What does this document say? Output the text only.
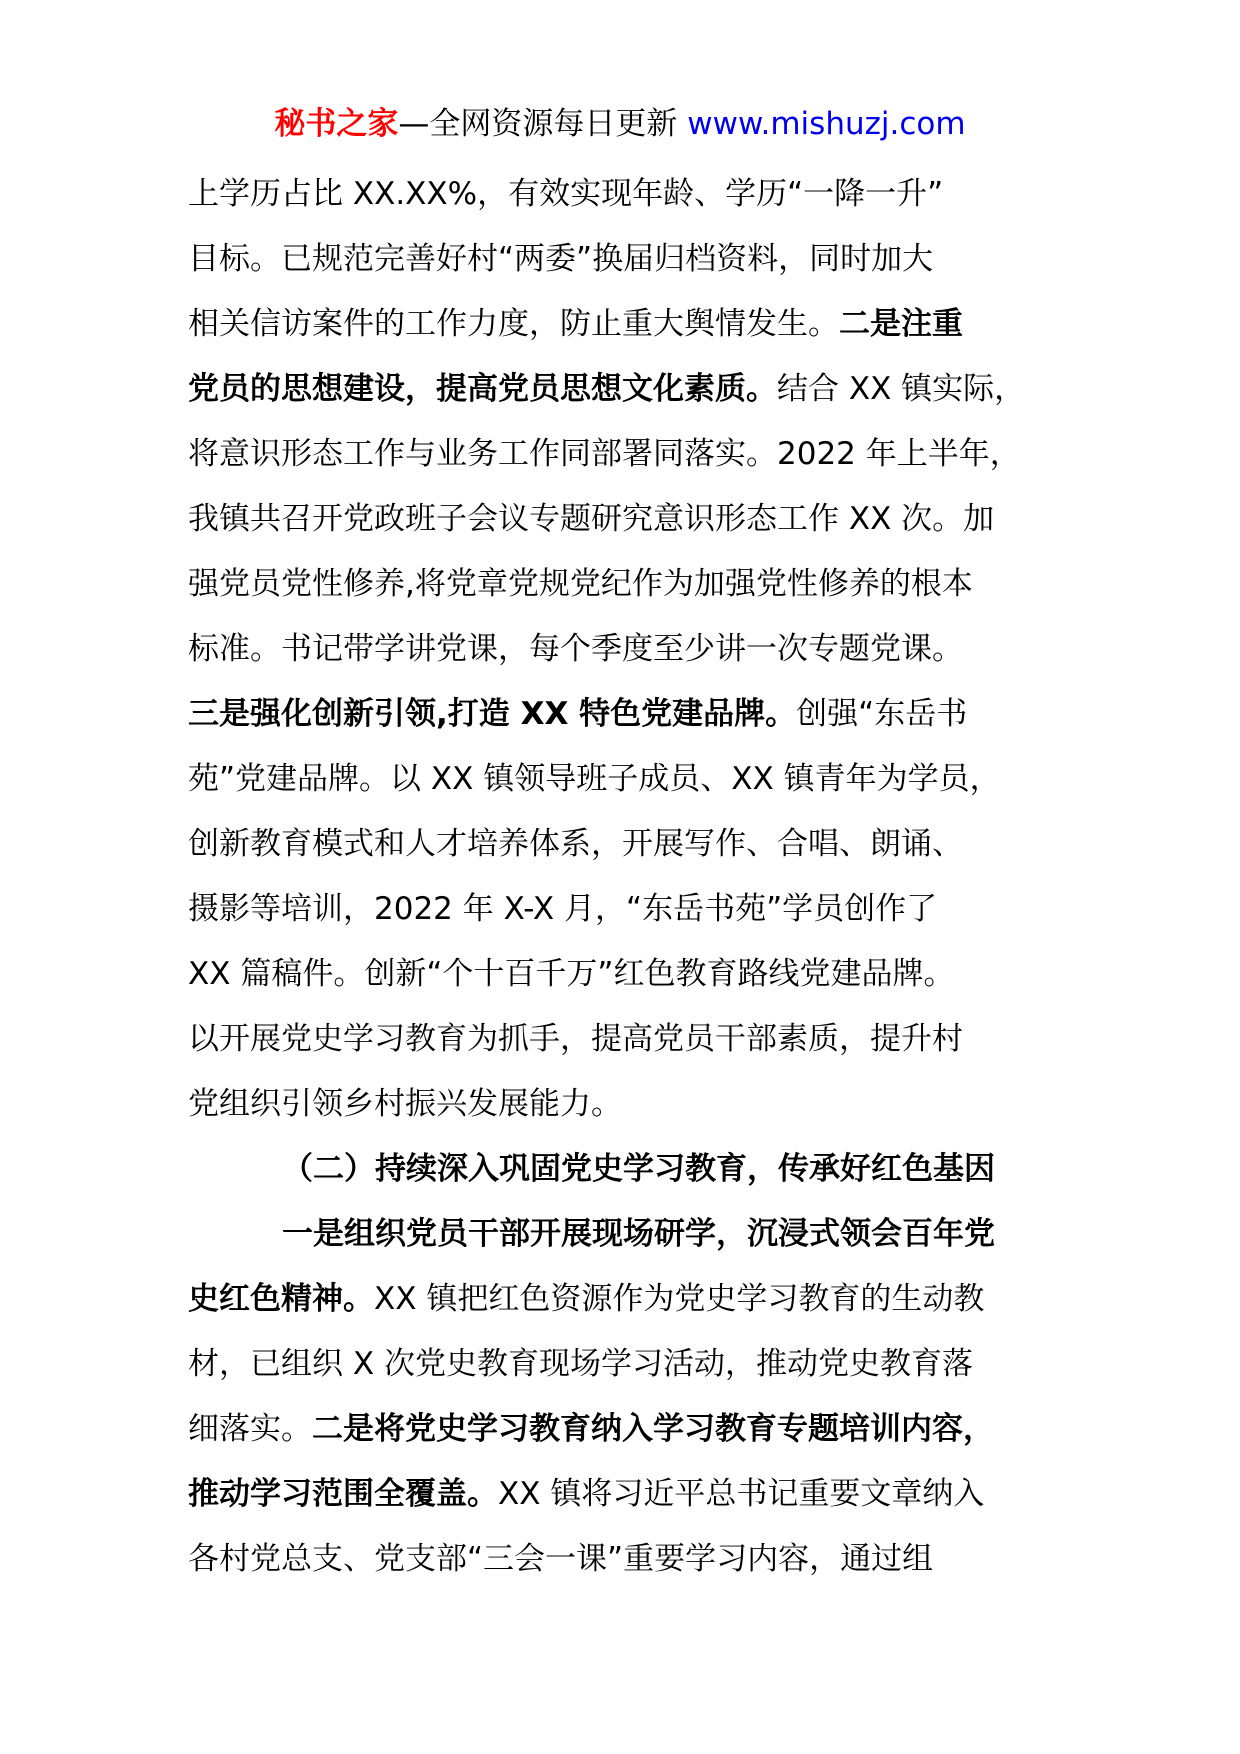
秘书之家—全网资源每日更新 www.mishuzj.com
上学历占比 XX.XX%，有效实现年龄、学历“一降一升”
目标。已规范完善好村“两委”换届归档资料，同时加大
相关信访案件的工作力度，防止重大舆情发生。二是注重
党员的思想建设，提高党员思想文化素质。结合 XX 镇实际，
将意识形态工作与业务工作同部署同落实。2022 年上半年，
我镇共召开党政班子会议专题研究意识形态工作 XX 次。加
强党员党性修养,将党章党规党纪作为加强党性修养的根本
标准。书记带学讲党课，每个季度至少讲一次专题党课。
三是强化创新引领,打造 XX 特色党建品牌。创强“东岳书
苑”党建品牌。以 XX 镇领导班子成员、XX 镇青年为学员，
创新教育模式和人才培养体系，开展写作、合唱、朗诵、
摄影等培训，2022 年 X-X 月，“东岳书苑”学员创作了
XX 篇稿件。创新“个十百千万”红色教育路线党建品牌。
以开展党史学习教育为抓手，提高党员干部素质，提升村
党组织引领乡村振兴发展能力。
（二）持续深入巩固党史学习教育，传承好红色基因
一是组织党员干部开展现场研学，沉浸式领会百年党
史红色精神。XX 镇把红色资源作为党史学习教育的生动教
材，已组织 X 次党史教育现场学习活动，推动党史教育落
细落实。二是将党史学习教育纳入学习教育专题培训内容，
推动学习范围全覆盖。XX 镇将习近平总书记重要文章纳入
各村党总支、党支部“三会一课”重要学习内容，通过组
